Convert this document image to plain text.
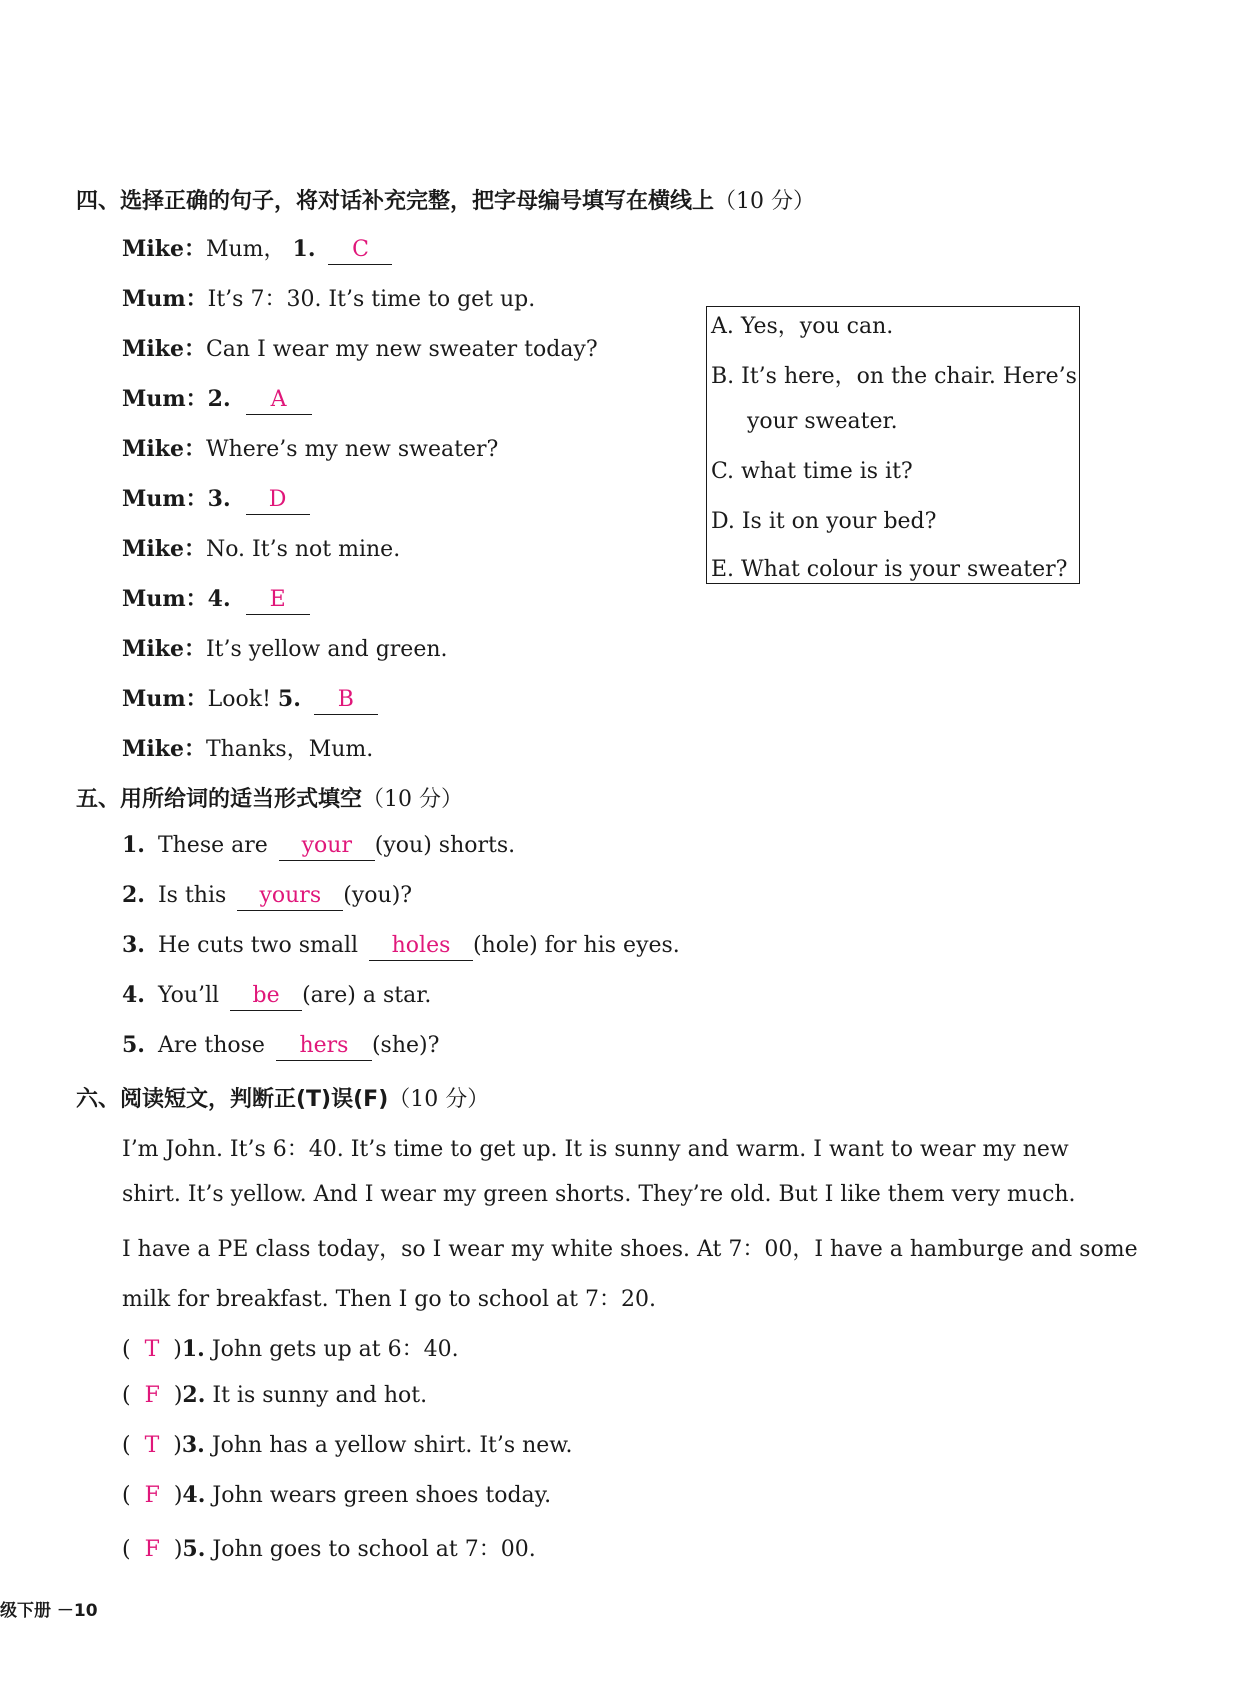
四、选择正确的句子，将对话补充完整，把字母编号填写在横线上（10 分）
Mike：Mum， 1. C
Mum：It’s 7：30. It’s time to get up.
Mike：Can I wear my new sweater today?
Mum：2. A
Mike：Where’s my new sweater?
Mum：3. D
Mike：No. It’s not mine.
Mum：4. E
Mike：It’s yellow and green.
Mum：Look! 5. B
Mike：Thanks，Mum.
A. Yes，you can.
B. It’s here，on the chair. Here’s
your sweater.
C. what time is it?
D. Is it on your bed?
E. What colour is your sweater?
五、用所给词的适当形式填空（10 分）
1. These are your (you) shorts.
2. Is this yours (you)?
3. He cuts two small holes (hole) for his eyes.
4. You’ll be (are) a star.
5. Are those hers (she)?
六、阅读短文，判断正(T)误(F)（10 分）
I’m John. It’s 6：40. It’s time to get up. It is sunny and warm. I want to wear my new
shirt. It’s yellow. And I wear my green shorts. They’re old. But I like them very much.
I have a PE class today，so I wear my white shoes. At 7：00，I have a hamburge and some
milk for breakfast. Then I go to school at 7：20.
(  T  )1. John gets up at 6：40.
(  F  )2. It is sunny and hot.
(  T  )3. John has a yellow shirt. It’s new.
(  F  )4. John wears green shoes today.
(  F  )5. John goes to school at 7：00.
级下册 －10
